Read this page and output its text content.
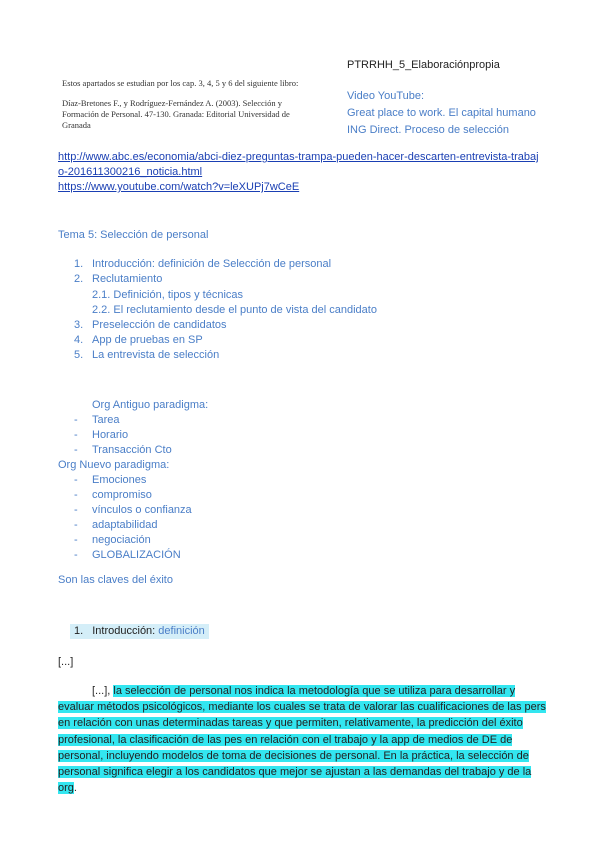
PTRRHH_5_Elaboraciónpropia
Estos apartados se estudian por los cap. 3, 4, 5 y 6 del siguiente libro:
Díaz-Bretones F., y Rodríguez-Fernández A. (2003). Selección y
Formación de Personal. 47-130. Granada: Editorial Universidad de
Granada
Video YouTube:
Great place to work. El capital humano
ING Direct. Proceso de selección
http://www.abc.es/economia/abci-diez-preguntas-trampa-pueden-hacer-descarten-entrevista-trabaj
o-201611300216_noticia.html
https://www.youtube.com/watch?v=leXUPj7wCeE
Tema 5: Selección de personal
1. Introducción: definición de Selección de personal
2. Reclutamiento
2.1. Definición, tipos y técnicas
2.2. El reclutamiento desde el punto de vista del candidato
3. Preselección de candidatos
4. App de pruebas en SP
5. La entrevista de selección
Org Antiguo paradigma:
- Tarea
- Horario
- Transacción Cto
Org Nuevo paradigma:
- Emociones
- compromiso
- vínculos o confianza
- adaptabilidad
- negociación
- GLOBALIZACIÓN
Son las claves del éxito
1. Introducción: definición
[...]
[...], la selección de personal nos indica la metodología que se utiliza para desarrollar y evaluar métodos psicológicos, mediante los cuales se trata de valorar las cualificaciones de las pers en relación con unas determinadas tareas y que permiten, relativamente, la predicción del éxito profesional, la clasificación de las pes en relación con el trabajo y la app de medios de DE de personal, incluyendo modelos de toma de decisiones de personal. En la práctica, la selección de personal significa elegir a los candidatos que mejor se ajustan a las demandas del trabajo y de la org.
